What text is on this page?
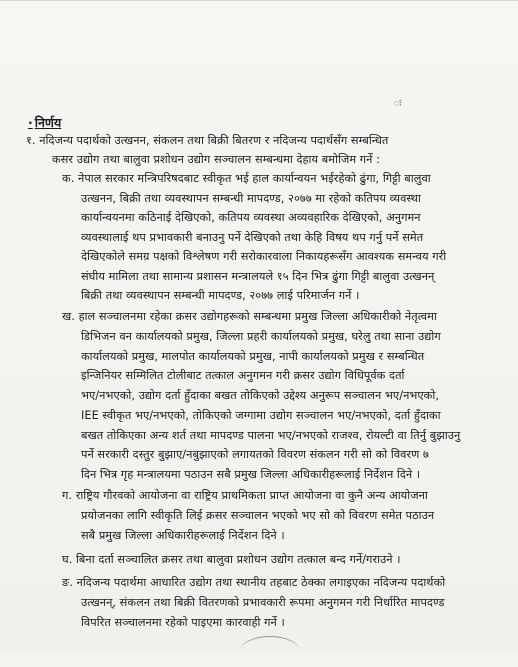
ः
· निर्णय
१. नदिजन्य पदार्थको उत्खनन, संकलन तथा बिक्री बितरण र नदिजन्य पदार्थसँग सम्बन्धित
कसर उद्योग तथा बालुवा प्रशोधन उद्योग सञ्चालन सम्बन्धमा देहाय बमोजिम गर्ने :
क. नेपाल सरकार मन्त्रिपरिषदबाट स्वीकृत भई हाल कार्यान्वयन भईरहेको ढुंगा, गिट्टी बालुवा
उत्खनन, बिक्री तथा व्यवस्थापन सम्बन्धी मापदण्ड, २०७७ मा रहेको कतिपय व्यवस्था
कार्यान्वयनमा कठिनाई देखिएको, कतिपय व्यवस्था अव्यवहारिक देखिएको, अनुगमन
व्यवस्थालाई थप प्रभावकारी बनाउनु पर्ने देखिएको तथा केहि विषय थप गर्नु पर्ने समेत
देखिएकोले समग्र पक्षको विश्लेषण गरी सरोकारवाला निकायहरूसँग आवश्यक समन्वय गरी
संघीय मामिला तथा सामान्य प्रशासन मन्त्रालयले १५ दिन भित्र ढुंगा गिट्टी बालुवा उत्खनन्
बिक्री तथा व्यवस्थापन सम्बन्धी मापदण्ड, २०७७ लाई परिमार्जन गर्ने ।
ख. हाल सञ्चालनमा रहेका क्रसर उद्योगहरूको सम्बन्धमा प्रमुख जिल्ला अधिकारीको नेतृत्वमा
डिभिजन वन कार्यालयको प्रमुख, जिल्ला प्रहरी कार्यालयको प्रमुख, घरेलु तथा साना उद्योग
कार्यालयको प्रमुख, मालपोत कार्यालयको प्रमुख, नापी कार्यालयको प्रमुख र सम्बन्धित
इन्जिनियर सम्मिलित टोलीबाट तत्काल अनुगमन गरी क्रसर उद्योग विधिपूर्वक दर्ता
भए/नभएको, उद्योग दर्ता हुँदाका बखत तोकिएको उद्देश्य अनुरूप सञ्चालन भए/नभएको,
IEE स्वीकृत भए/नभएको, तोकिएको जग्गामा उद्योग सञ्चालन भए/नभएको, दर्ता हुँदाका
बखत तोकिएका अन्य शर्त तथा मापदण्ड पालना भए/नभएको राजश्व, रोयल्टी वा तिर्नु बुझाउनु
पर्ने सरकारी दस्तुर बुझाए/नबुझाएको लगायतको विवरण संकलन गरी सो को विवरण ७
दिन भित्र गृह मन्त्रालयमा पठाउन सबै प्रमुख जिल्ला अधिकारीहरूलाई निर्देशन दिने ।
ग. राष्ट्रिय गौरवको आयोजना वा राष्ट्रिय प्राथमिकता प्राप्त आयोजना वा कुनै अन्य आयोजना
प्रयोजनका लागि स्वीकृति लिई क्रसर सञ्चालन भएको भए सो को विवरण समेत पठाउन
सबै प्रमुख जिल्ला अधिकारीहरूलाई निर्देशन दिने ।
घ. बिना दर्ता सञ्चालित क्रसर तथा बालुवा प्रशोधन उद्योग तत्काल बन्द गर्ने/गराउने ।
ङ. नदिजन्य पदार्थमा आधारित उद्योग तथा स्थानीय तहबाट ठेक्का लगाइएका नदिजन्य पदार्थको
उत्खनन्, संकलन तथा बिक्री वितरणको प्रभावकारी रूपमा अनुगमन गरी निर्धारित मापदण्ड
विपरित सञ्चालनमा रहेको पाइएमा कारवाही गर्ने ।
